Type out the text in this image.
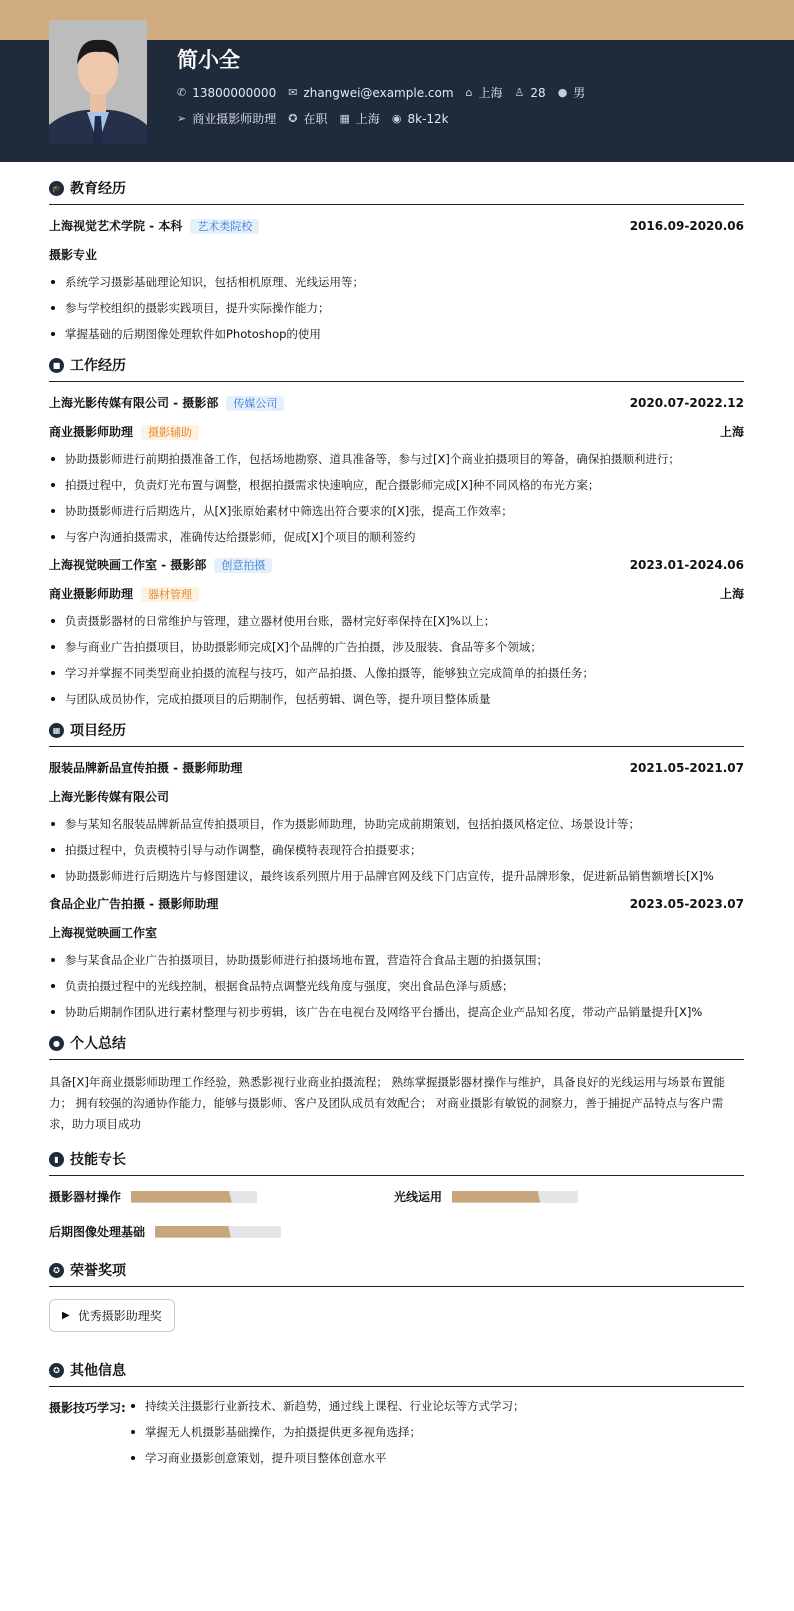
简小全
✆ 13800000000 ✉ zhangwei@example.com ⌂ 上海 ♙ 28 ● 男
➢ 商业摄影师助理 ✪ 在职 ▦ 上海 ◉ 8k-12k
🎓 教育经历
上海视觉艺术学院 - 本科 艺术类院校	2016.09-2020.06
摄影专业
系统学习摄影基础理论知识，包括相机原理、光线运用等；
参与学校组织的摄影实践项目，提升实际操作能力；
掌握基础的后期图像处理软件如Photoshop的使用
■ 工作经历
上海光影传媒有限公司 - 摄影部 传媒公司	2020.07-2022.12
商业摄影师助理 摄影辅助	上海
协助摄影师进行前期拍摄准备工作，包括场地勘察、道具准备等，参与过[X]个商业拍摄项目的筹备，确保拍摄顺利进行；
拍摄过程中，负责灯光布置与调整，根据拍摄需求快速响应，配合摄影师完成[X]种不同风格的布光方案；
协助摄影师进行后期选片，从[X]张原始素材中筛选出符合要求的[X]张，提高工作效率；
与客户沟通拍摄需求，准确传达给摄影师，促成[X]个项目的顺利签约
上海视觉映画工作室 - 摄影部 创意拍摄	2023.01-2024.06
商业摄影师助理 器材管理	上海
负责摄影器材的日常维护与管理，建立器材使用台账，器材完好率保持在[X]%以上；
参与商业广告拍摄项目，协助摄影师完成[X]个品牌的广告拍摄，涉及服装、食品等多个领域；
学习并掌握不同类型商业拍摄的流程与技巧，如产品拍摄、人像拍摄等，能够独立完成简单的拍摄任务；
与团队成员协作，完成拍摄项目的后期制作，包括剪辑、调色等，提升项目整体质量
▦ 项目经历
服装品牌新品宣传拍摄 - 摄影师助理	2021.05-2021.07
上海光影传媒有限公司
参与某知名服装品牌新品宣传拍摄项目，作为摄影师助理，协助完成前期策划，包括拍摄风格定位、场景设计等；
拍摄过程中，负责模特引导与动作调整，确保模特表现符合拍摄要求；
协助摄影师进行后期选片与修图建议，最终该系列照片用于品牌官网及线下门店宣传，提升品牌形象，促进新品销售额增长[X]%
食品企业广告拍摄 - 摄影师助理	2023.05-2023.07
上海视觉映画工作室
参与某食品企业广告拍摄项目，协助摄影师进行拍摄场地布置，营造符合食品主题的拍摄氛围；
负责拍摄过程中的光线控制，根据食品特点调整光线角度与强度，突出食品色泽与质感；
协助后期制作团队进行素材整理与初步剪辑，该广告在电视台及网络平台播出，提高企业产品知名度，带动产品销量提升[X]%
● 个人总结
具备[X]年商业摄影师助理工作经验，熟悉影视行业商业拍摄流程； 熟练掌握摄影器材操作与维护，具备良好的光线运用与场景布置能力； 拥有较强的沟通协作能力，能够与摄影师、客户及团队成员有效配合； 对商业摄影有敏锐的洞察力，善于捕捉产品特点与客户需求，助力项目成功
▮ 技能专长
摄影器材操作	光线运用
后期图像处理基础
✪ 荣誉奖项
▶ 优秀摄影助理奖
✪ 其他信息
摄影技巧学习:	持续关注摄影行业新技术、新趋势，通过线上课程、行业论坛等方式学习；
掌握无人机摄影基础操作，为拍摄提供更多视角选择；
学习商业摄影创意策划，提升项目整体创意水平
